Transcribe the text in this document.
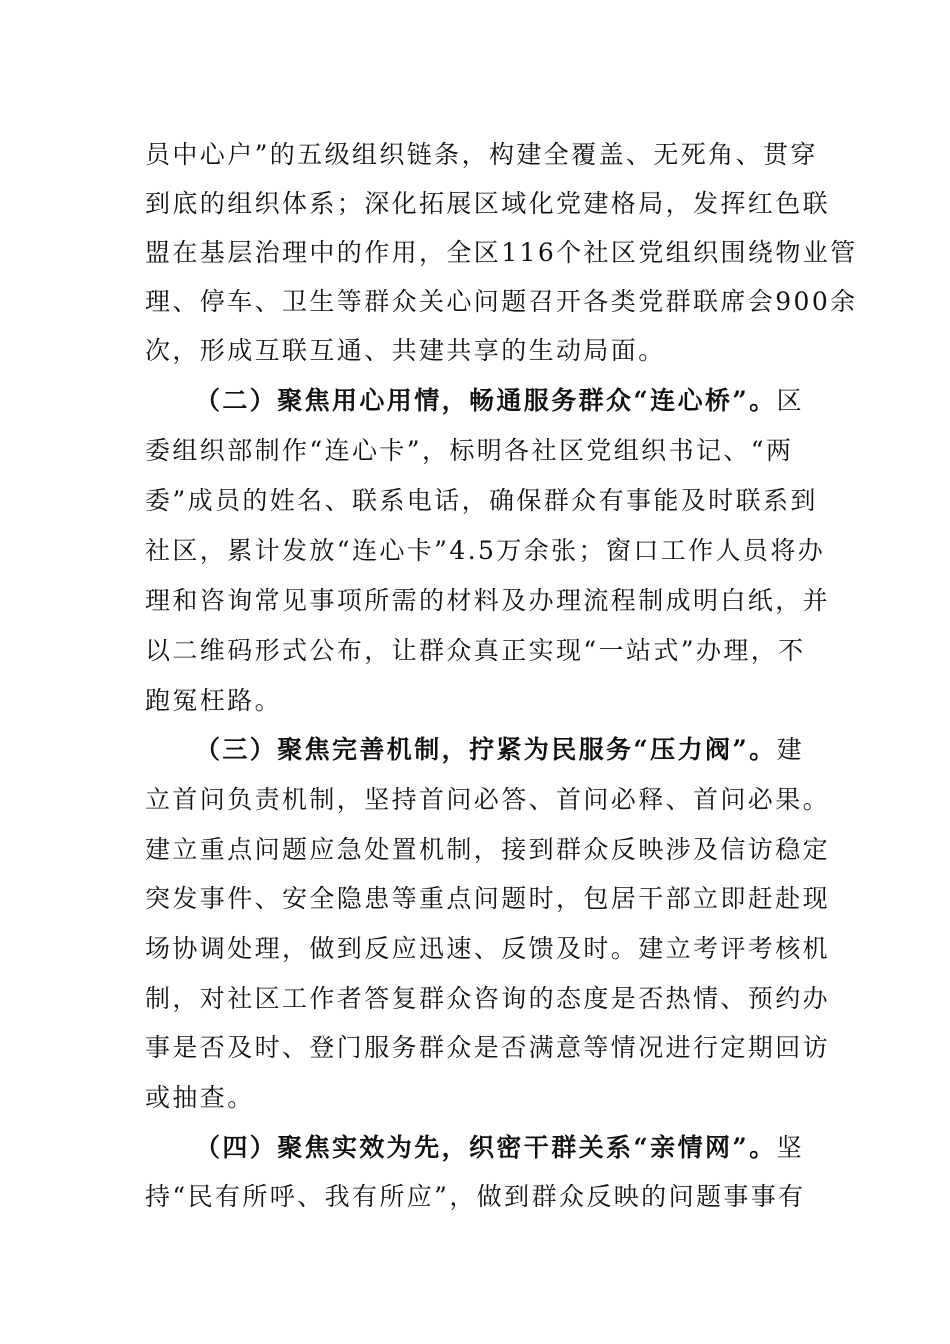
员中心户”的五级组织链条，构建全覆盖、无死角、贯穿
到底的组织体系；深化拓展区域化党建格局，发挥红色联
盟在基层治理中的作用，全区116个社区党组织围绕物业管
理、停车、卫生等群众关心问题召开各类党群联席会900余
次，形成互联互通、共建共享的生动局面。
（二）聚焦用心用情，畅通服务群众“连心桥”。区
委组织部制作“连心卡”，标明各社区党组织书记、“两
委”成员的姓名、联系电话，确保群众有事能及时联系到
社区，累计发放“连心卡”4.5万余张；窗口工作人员将办
理和咨询常见事项所需的材料及办理流程制成明白纸，并
以二维码形式公布，让群众真正实现“一站式”办理，不
跑冤枉路。
（三）聚焦完善机制，拧紧为民服务“压力阀”。建
立首问负责机制，坚持首问必答、首问必释、首问必果。
建立重点问题应急处置机制，接到群众反映涉及信访稳定
突发事件、安全隐患等重点问题时，包居干部立即赶赴现
场协调处理，做到反应迅速、反馈及时。建立考评考核机
制，对社区工作者答复群众咨询的态度是否热情、预约办
事是否及时、登门服务群众是否满意等情况进行定期回访
或抽查。
（四）聚焦实效为先，织密干群关系“亲情网”。坚
持“民有所呼、我有所应”，做到群众反映的问题事事有
